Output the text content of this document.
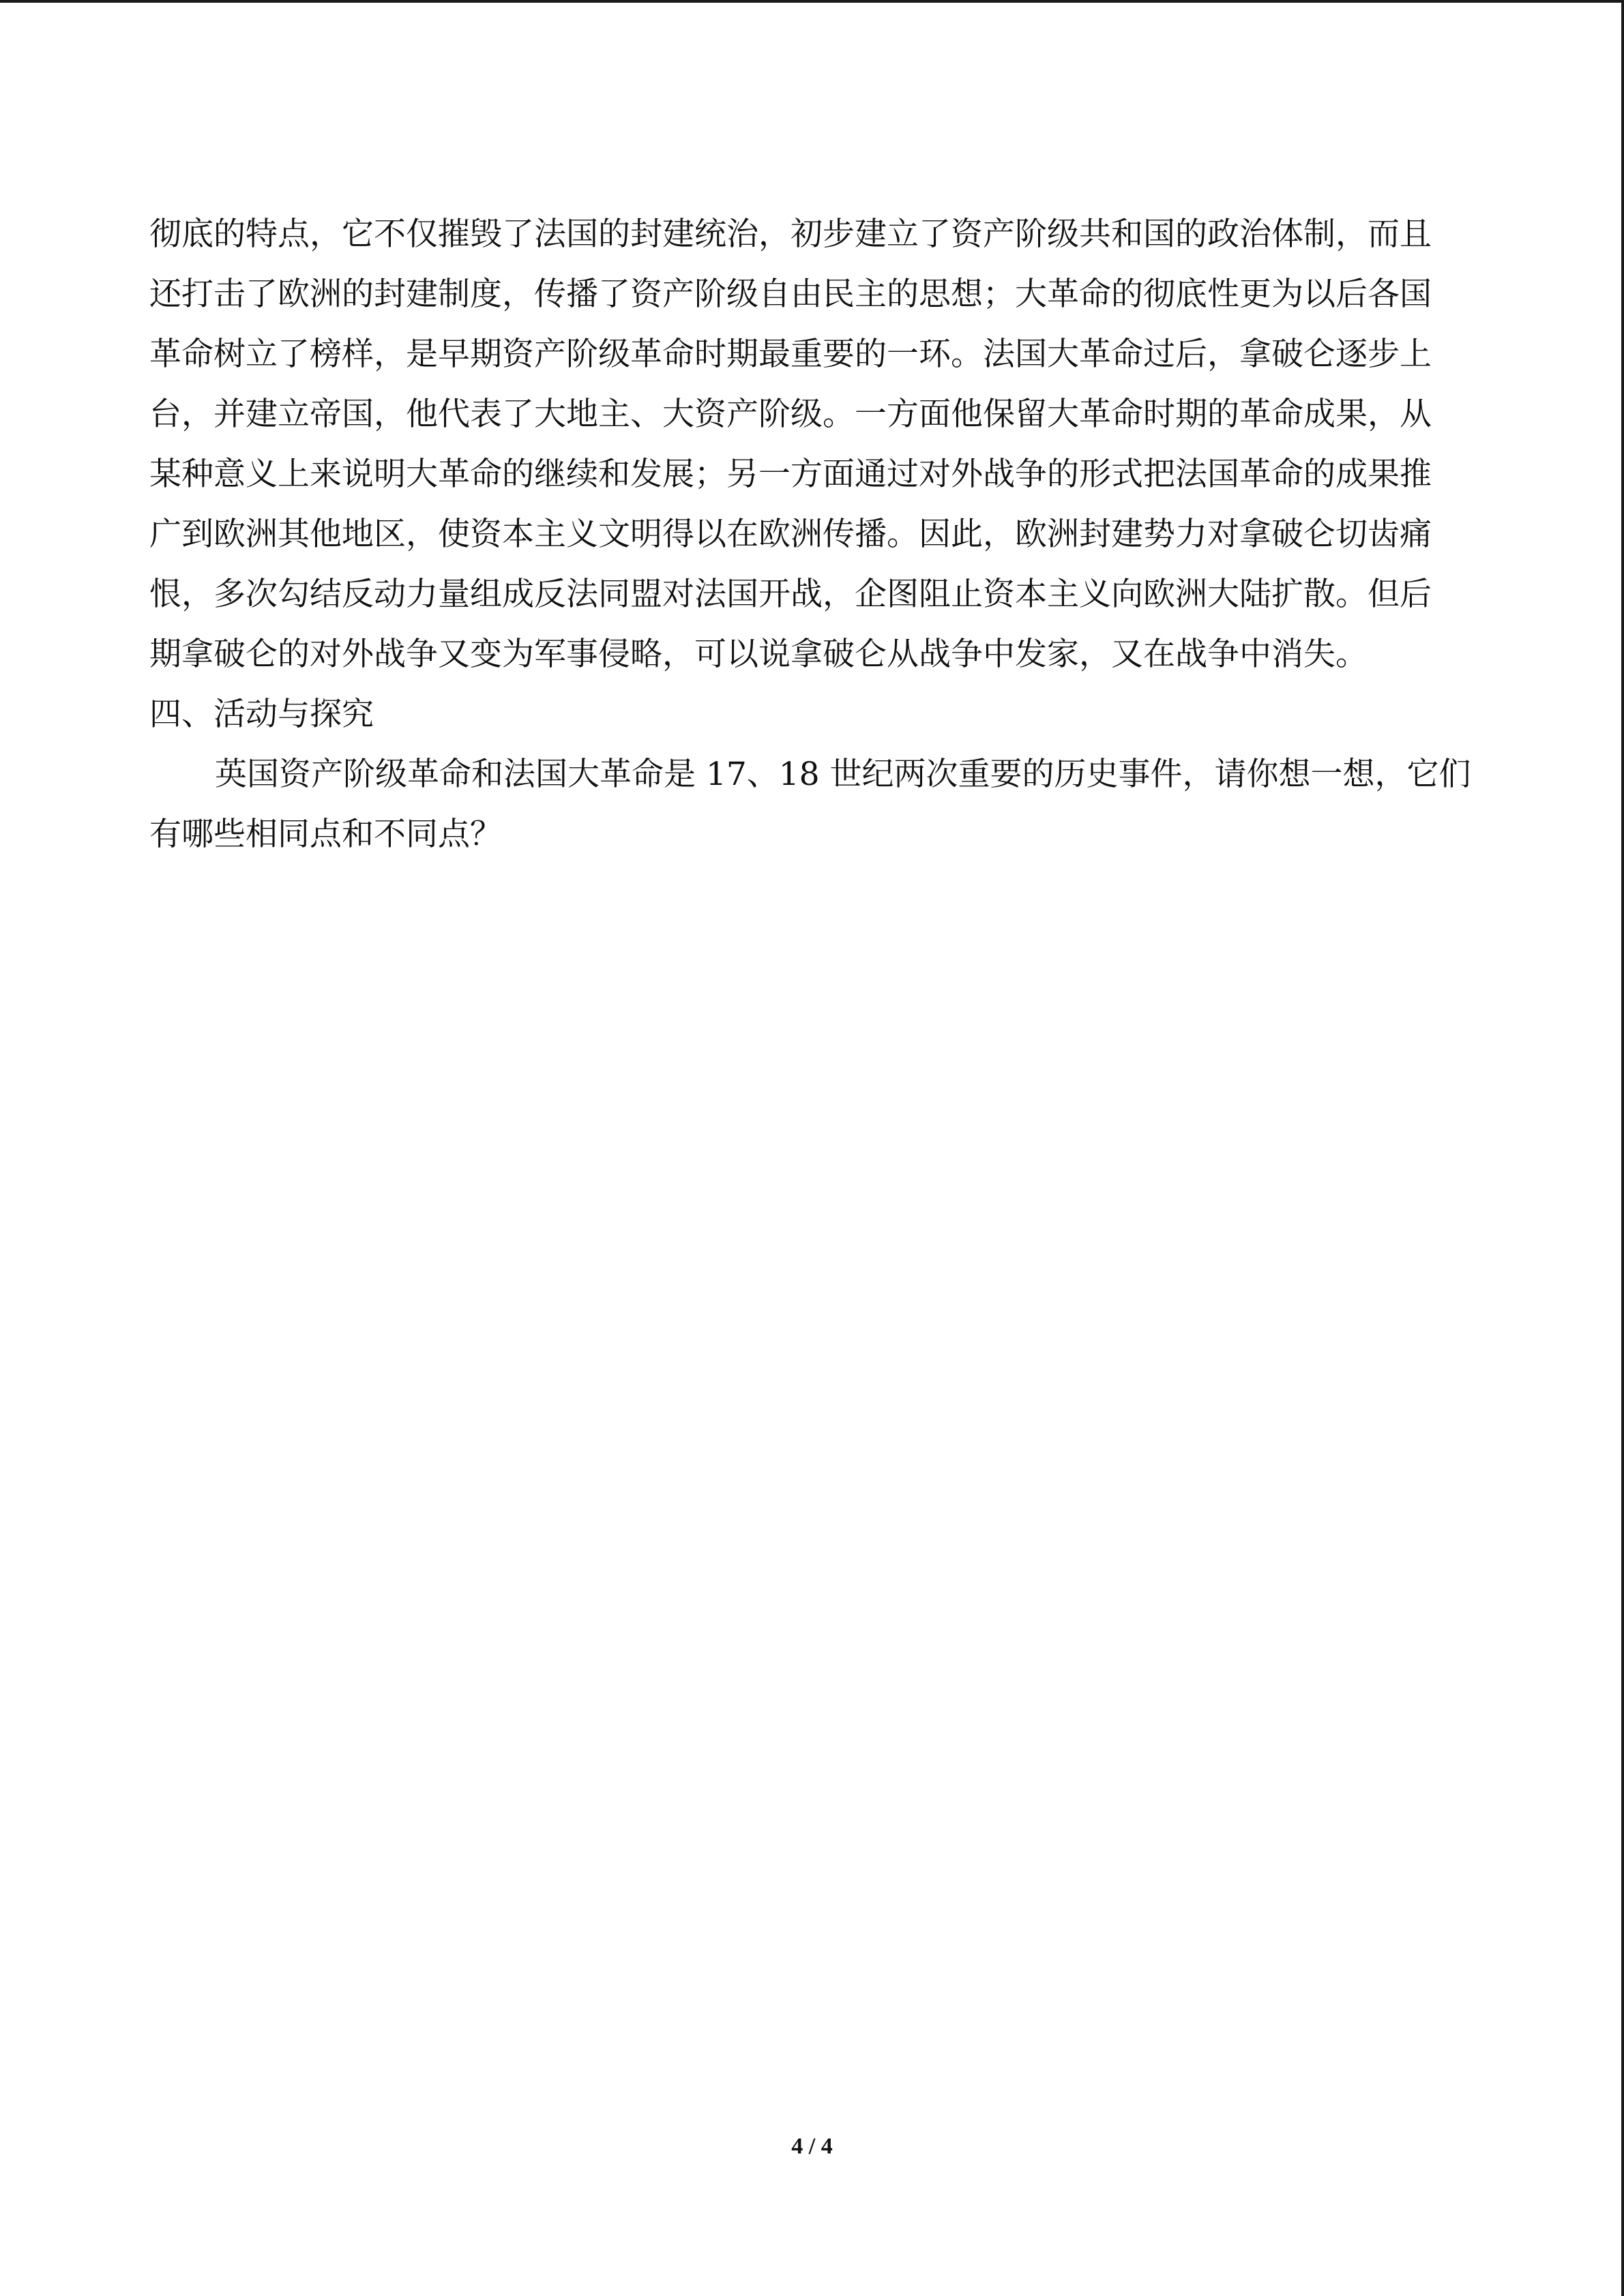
彻底的特点，它不仅摧毁了法国的封建统治，初步建立了资产阶级共和国的政治体制，而且

还打击了欧洲的封建制度，传播了资产阶级自由民主的思想；大革命的彻底性更为以后各国

革命树立了榜样，是早期资产阶级革命时期最重要的一环。法国大革命过后，拿破仑逐步上

台，并建立帝国，他代表了大地主、大资产阶级。一方面他保留大革命时期的革命成果，从

某种意义上来说明大革命的继续和发展；另一方面通过对外战争的形式把法国革命的成果推

广到欧洲其他地区，使资本主义文明得以在欧洲传播。因此，欧洲封建势力对拿破仑切齿痛

恨，多次勾结反动力量组成反法同盟对法国开战，企图阻止资本主义向欧洲大陆扩散。但后

期拿破仑的对外战争又变为军事侵略，可以说拿破仑从战争中发家，又在战争中消失。

四、活动与探究

英国资产阶级革命和法国大革命是 17、18 世纪两次重要的历史事件，请你想一想，它们

有哪些相同点和不同点？

4 / 4
